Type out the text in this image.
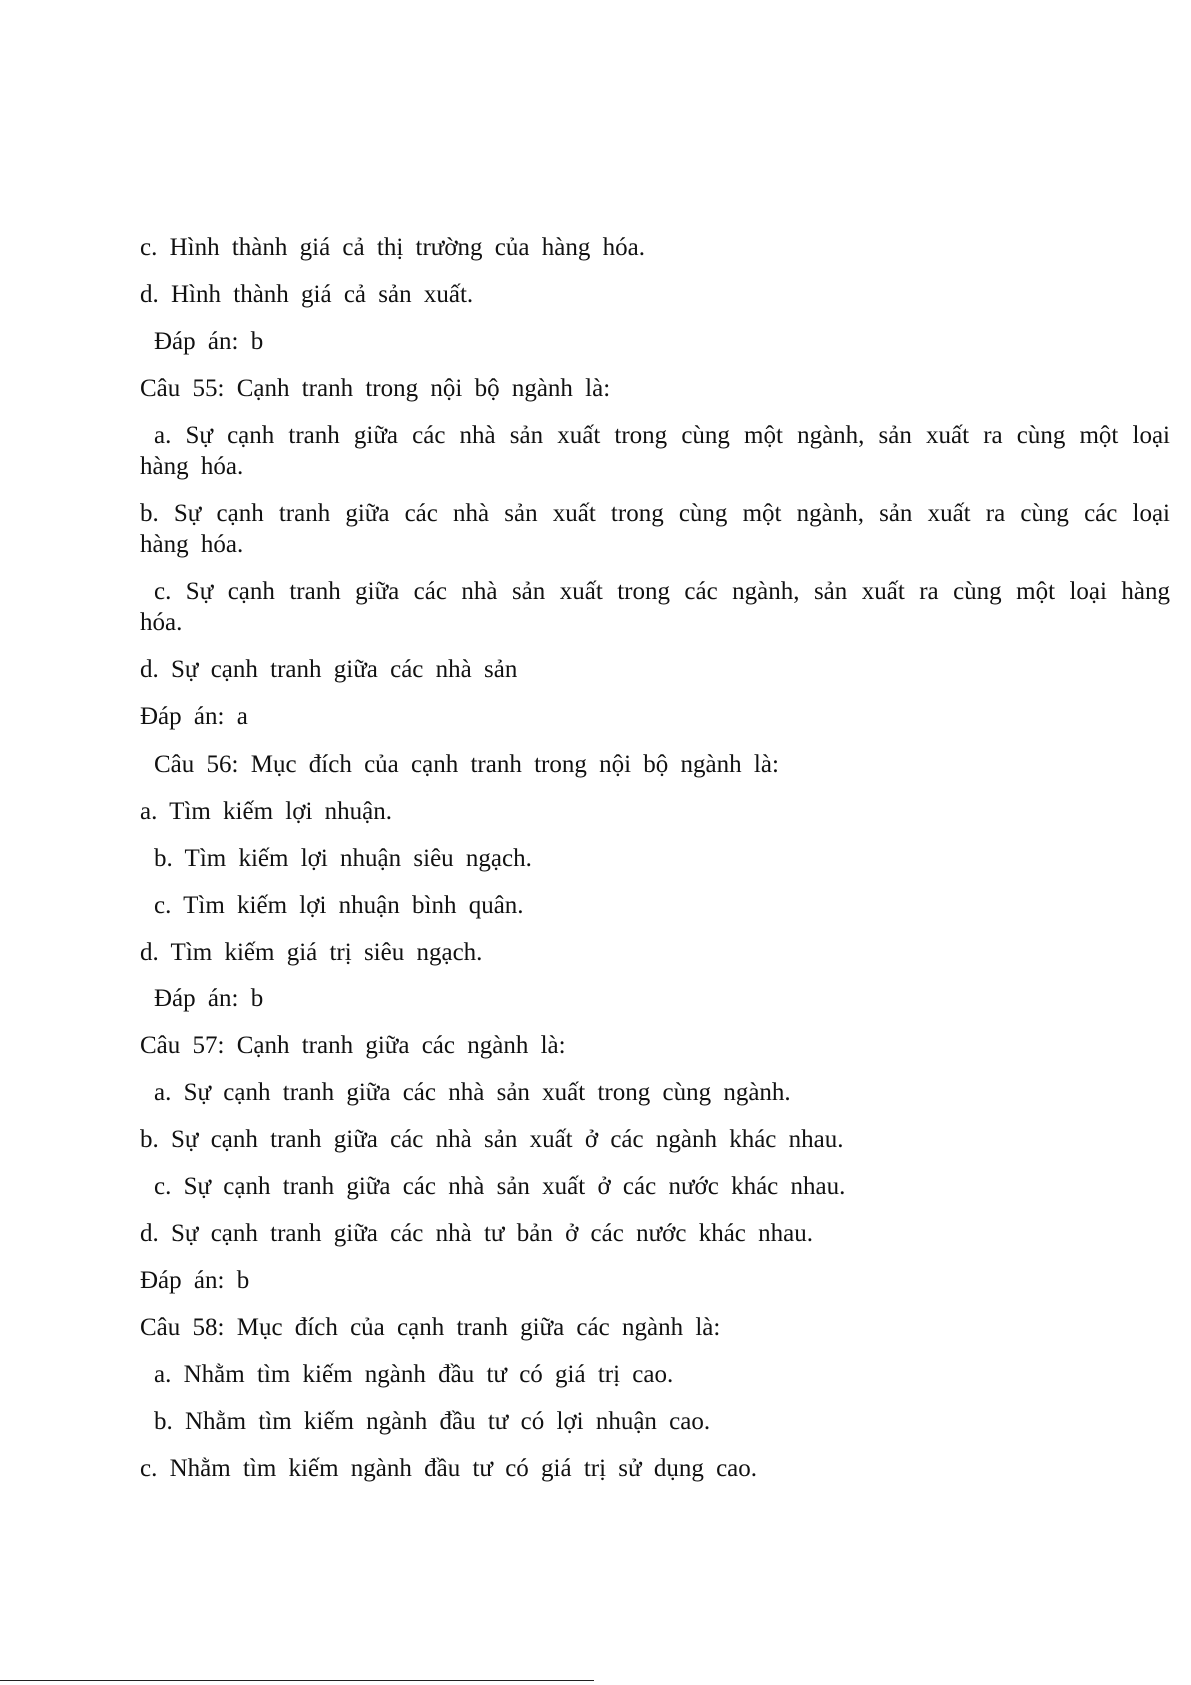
c. Hình thành giá cả thị trường của hàng hóa.
d. Hình thành giá cả sản xuất.
Đáp án: b
Câu 55: Cạnh tranh trong nội bộ ngành là:
a. Sự cạnh tranh giữa các nhà sản xuất trong cùng một ngành, sản xuất ra cùng một loại hàng hóa.
b. Sự cạnh tranh giữa các nhà sản xuất trong cùng một ngành, sản xuất ra cùng các loại hàng hóa.
c. Sự cạnh tranh giữa các nhà sản xuất trong các ngành, sản xuất ra cùng một loại hàng hóa.
d. Sự cạnh tranh giữa các nhà sản
Đáp án: a
Câu 56: Mục đích của cạnh tranh trong nội bộ ngành là:
a. Tìm kiếm lợi nhuận.
b. Tìm kiếm lợi nhuận siêu ngạch.
c. Tìm kiếm lợi nhuận bình quân.
d. Tìm kiếm giá trị siêu ngạch.
Đáp án: b
Câu 57: Cạnh tranh giữa các ngành là:
a. Sự cạnh tranh giữa các nhà sản xuất trong cùng ngành.
b. Sự cạnh tranh giữa các nhà sản xuất ở các ngành khác nhau.
c. Sự cạnh tranh giữa các nhà sản xuất ở các nước khác nhau.
d. Sự cạnh tranh giữa các nhà tư bản ở các nước khác nhau.
Đáp án: b
Câu 58: Mục đích của cạnh tranh giữa các ngành là:
a. Nhằm tìm kiếm ngành đầu tư có giá trị cao.
b. Nhằm tìm kiếm ngành đầu tư có lợi nhuận cao.
c. Nhằm tìm kiếm ngành đầu tư có giá trị sử dụng cao.
